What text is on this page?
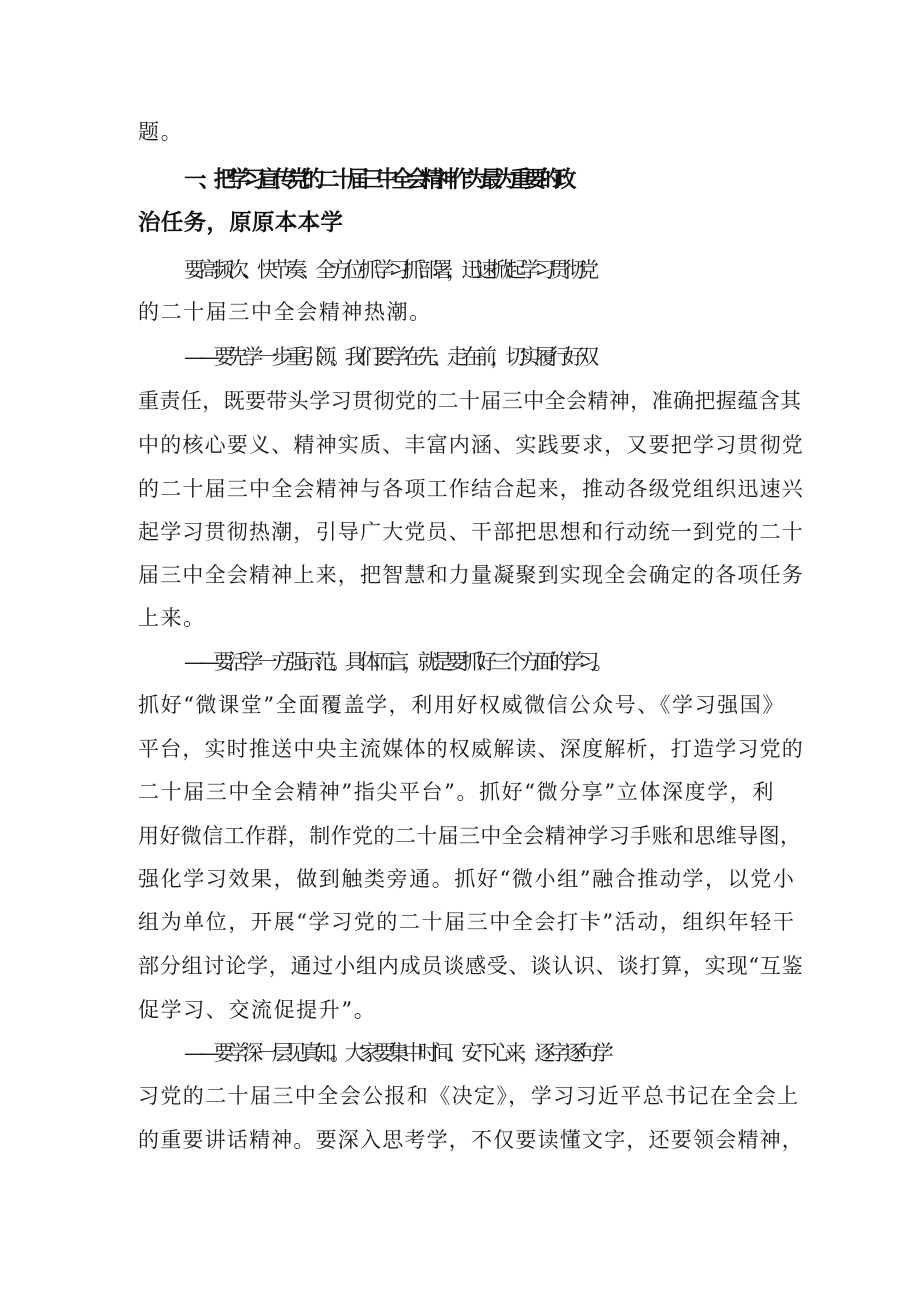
题。
一、把学习宣传党的二十届三中全会精神作为最为重要的政
治任务，原原本本学
要高频次、快节奏、全方位抓学习抓部署，迅速掀起学习贯彻党
的二十届三中全会精神热潮。
——要先学一步重引领。我们要学在先、走在前，切实履行好双
重责任，既要带头学习贯彻党的二十届三中全会精神，准确把握蕴含其
中的核心要义、精神实质、丰富内涵、实践要求，又要把学习贯彻党
的二十届三中全会精神与各项工作结合起来，推动各级党组织迅速兴
起学习贯彻热潮，引导广大党员、干部把思想和行动统一到党的二十
届三中全会精神上来，把智慧和力量凝聚到实现全会确定的各项任务
上来。
——要活学一方强示范。具体而言，就是要抓好三个方面的学习。
抓好“微课堂”全面覆盖学，利用好权威微信公众号、《学习强国》
平台，实时推送中央主流媒体的权威解读、深度解析，打造学习党的
二十届三中全会精神”指尖平台”。抓好“微分享”立体深度学，利
用好微信工作群，制作党的二十届三中全会精神学习手账和思维导图，
强化学习效果，做到触类旁通。抓好“微小组”融合推动学，以党小
组为单位，开展“学习党的二十届三中全会打卡”活动，组织年轻干
部分组讨论学，通过小组内成员谈感受、谈认识、谈打算，实现“互鉴
促学习、交流促提升”。
——要学深一层见真知。大家要集中时间、安下心来，逐字逐句学
习党的二十届三中全会公报和《决定》，学习习近平总书记在全会上
的重要讲话精神。要深入思考学，不仅要读懂文字，还要领会精神，
